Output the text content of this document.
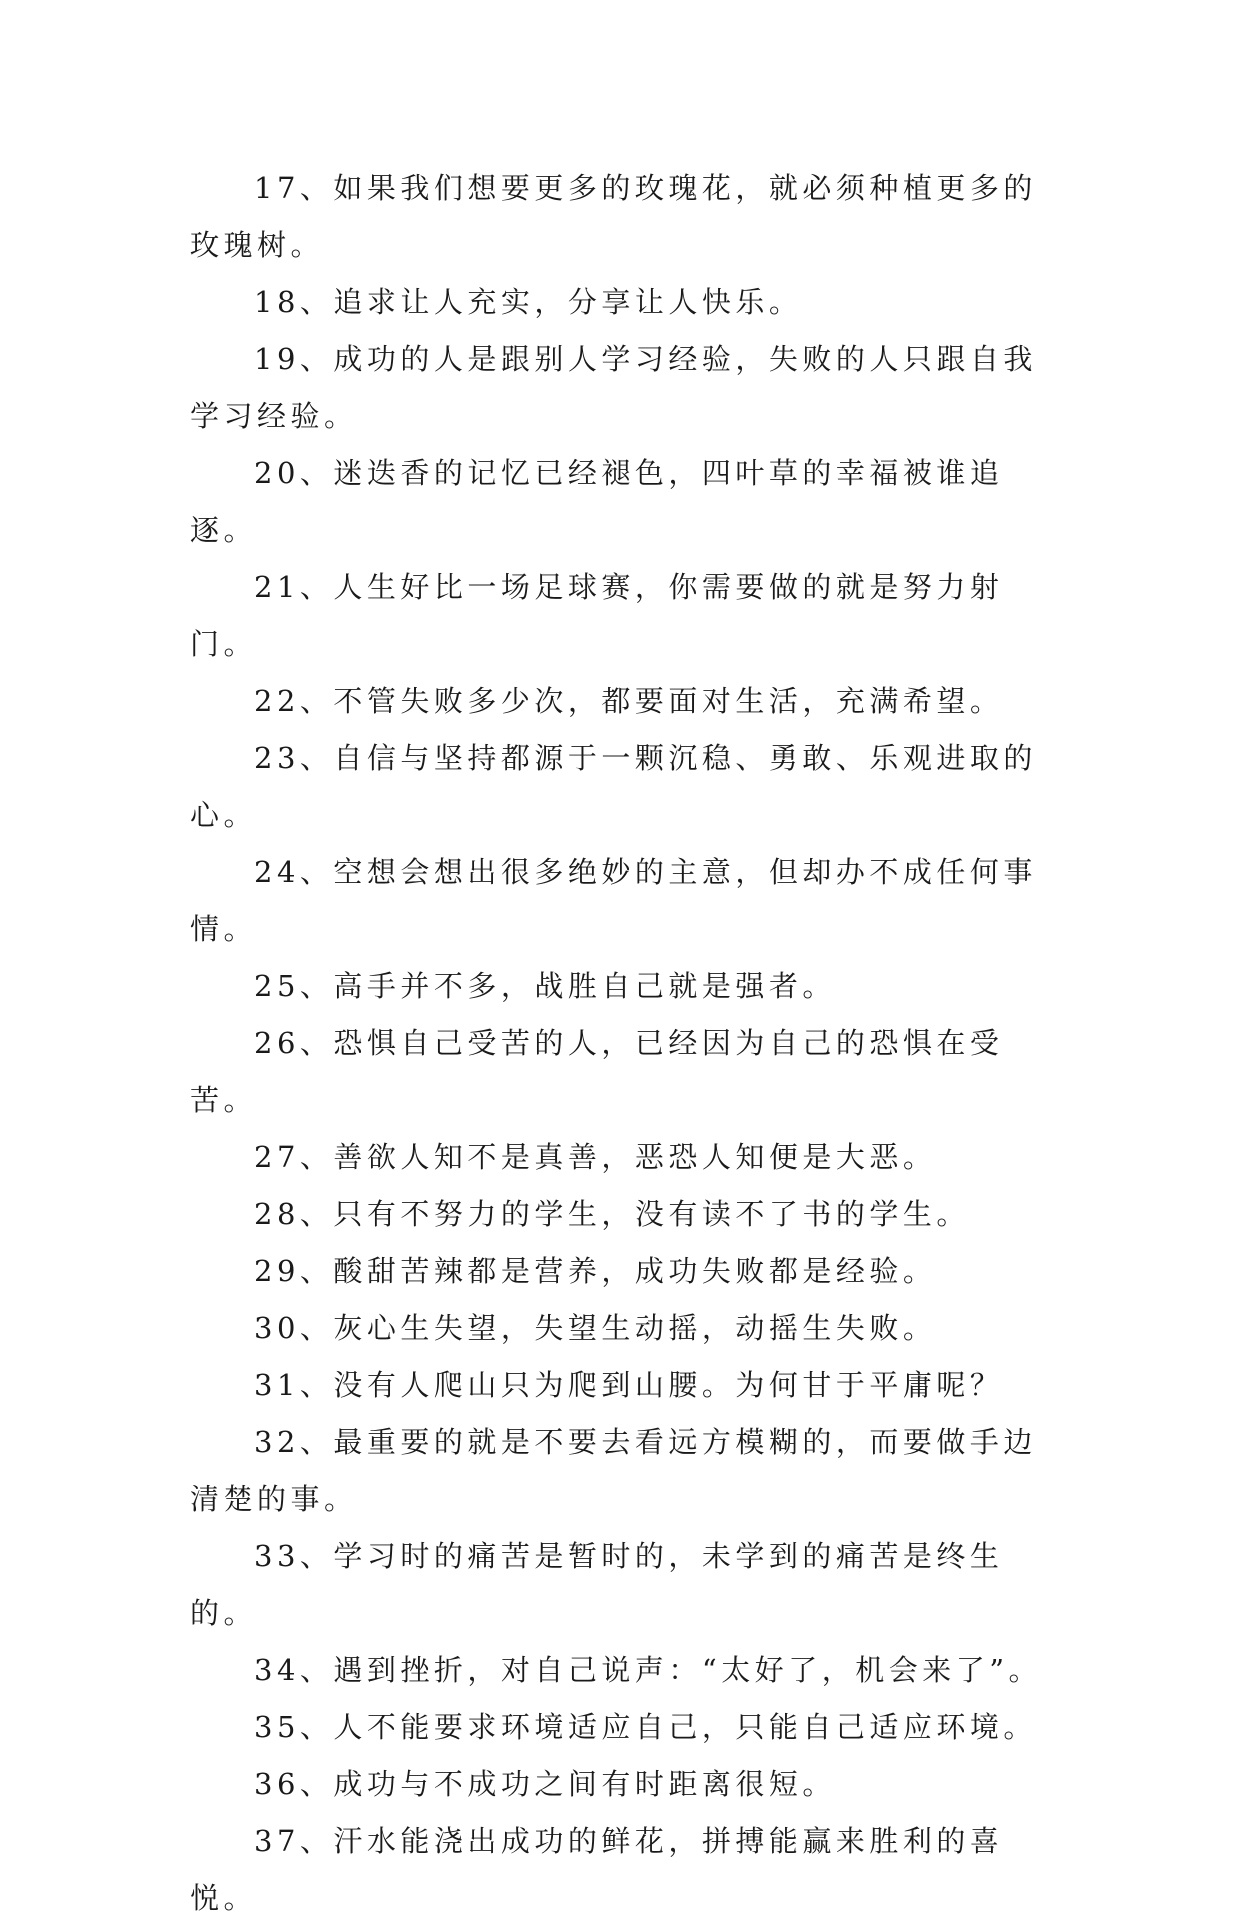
17、如果我们想要更多的玫瑰花，就必须种植更多的玫瑰树。

18、追求让人充实，分享让人快乐。

19、成功的人是跟别人学习经验，失败的人只跟自我学习经验。

20、迷迭香的记忆已经褪色，四叶草的幸福被谁追逐。

21、人生好比一场足球赛，你需要做的就是努力射门。

22、不管失败多少次，都要面对生活，充满希望。

23、自信与坚持都源于一颗沉稳、勇敢、乐观进取的心。

24、空想会想出很多绝妙的主意，但却办不成任何事情。

25、高手并不多，战胜自己就是强者。

26、恐惧自己受苦的人，已经因为自己的恐惧在受苦。

27、善欲人知不是真善，恶恐人知便是大恶。

28、只有不努力的学生，没有读不了书的学生。

29、酸甜苦辣都是营养，成功失败都是经验。

30、灰心生失望，失望生动摇，动摇生失败。

31、没有人爬山只为爬到山腰。为何甘于平庸呢？

32、最重要的就是不要去看远方模糊的，而要做手边清楚的事。

33、学习时的痛苦是暂时的，未学到的痛苦是终生的。

34、遇到挫折，对自己说声：“太好了，机会来了”。

35、人不能要求环境适应自己，只能自己适应环境。

36、成功与不成功之间有时距离很短。

37、汗水能浇出成功的鲜花，拼搏能赢来胜利的喜悦。
